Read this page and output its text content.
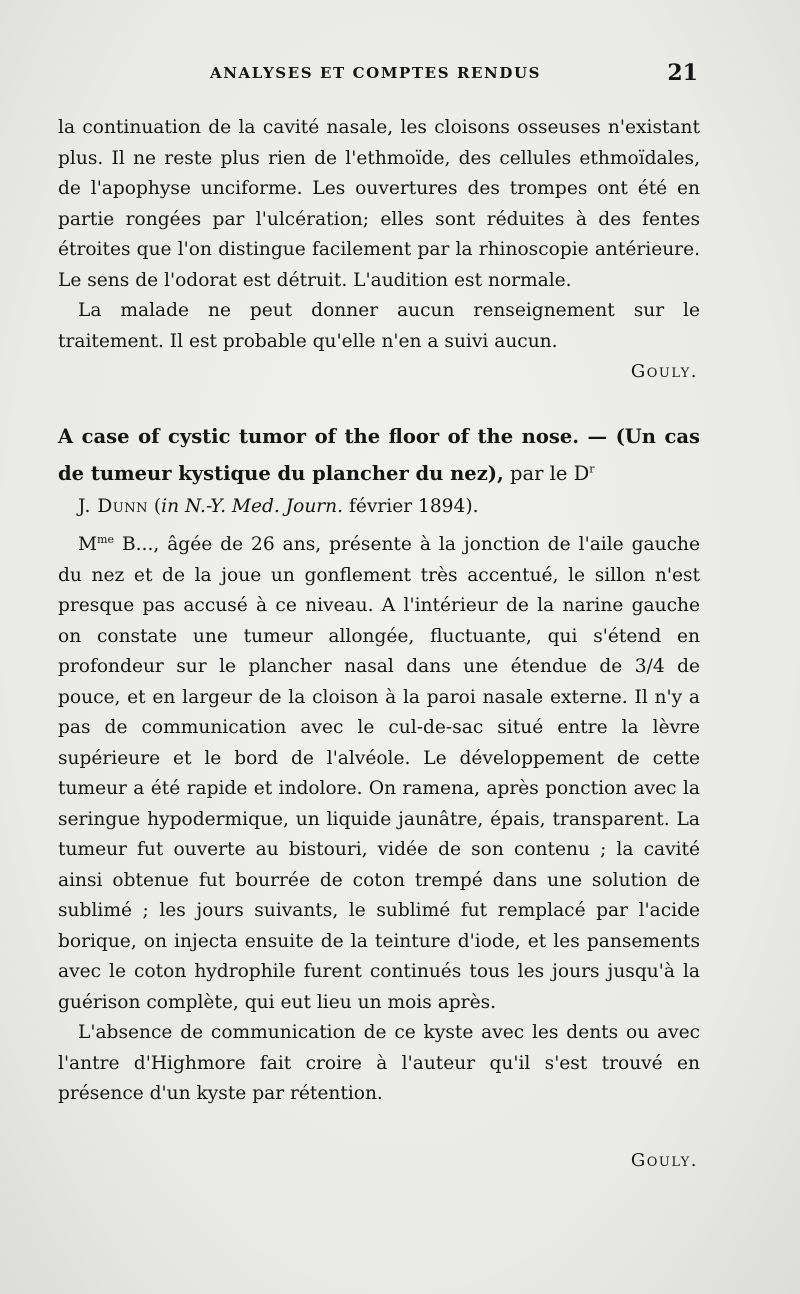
ANALYSES ET COMPTES RENDUS	21

la continuation de la cavité nasale, les cloisons osseuses n'existant plus. Il ne reste plus rien de l'ethmoïde, des cellules ethmoïdales, de l'apophyse unciforme. Les ouvertures des trompes ont été en partie rongées par l'ulcération; elles sont réduites à des fentes étroites que l'on distingue facilement par la rhinoscopie antérieure. Le sens de l'odorat est détruit. L'audition est normale.

La malade ne peut donner aucun renseignement sur le traitement. Il est probable qu'elle n'en a suivi aucun.

Gouly.

A case of cystic tumor of the floor of the nose. — (Un cas de tumeur kystique du plancher du nez), par le $D^r$

J. Dunn (in N.-Y. Med. Journ. février 1894).

$M^{me}$ B..., âgée de 26 ans, présente à la jonction de l'aile gauche du nez et de la joue un gonflement très accentué, le sillon n'est presque pas accusé à ce niveau. A l'intérieur de la narine gauche on constate une tumeur allongée, fluctuante, qui s'étend en profondeur sur le plancher nasal dans une étendue de 3/4 de pouce, et en largeur de la cloison à la paroi nasale externe. Il n'y a pas de communication avec le cul-de-sac situé entre la lèvre supérieure et le bord de l'alvéole. Le développement de cette tumeur a été rapide et indolore. On ramena, après ponction avec la seringue hypodermique, un liquide jaunâtre, épais, transparent. La tumeur fut ouverte au bistouri, vidée de son contenu ; la cavité ainsi obtenue fut bourrée de coton trempé dans une solution de sublimé ; les jours suivants, le sublimé fut remplacé par l'acide borique, on injecta ensuite de la teinture d'iode, et les pansements avec le coton hydrophile furent continués tous les jours jusqu'à la guérison complète, qui eut lieu un mois après.

L'absence de communication de ce kyste avec les dents ou avec l'antre d'Highmore fait croire à l'auteur qu'il s'est trouvé en présence d'un kyste par rétention.

Gouly.
